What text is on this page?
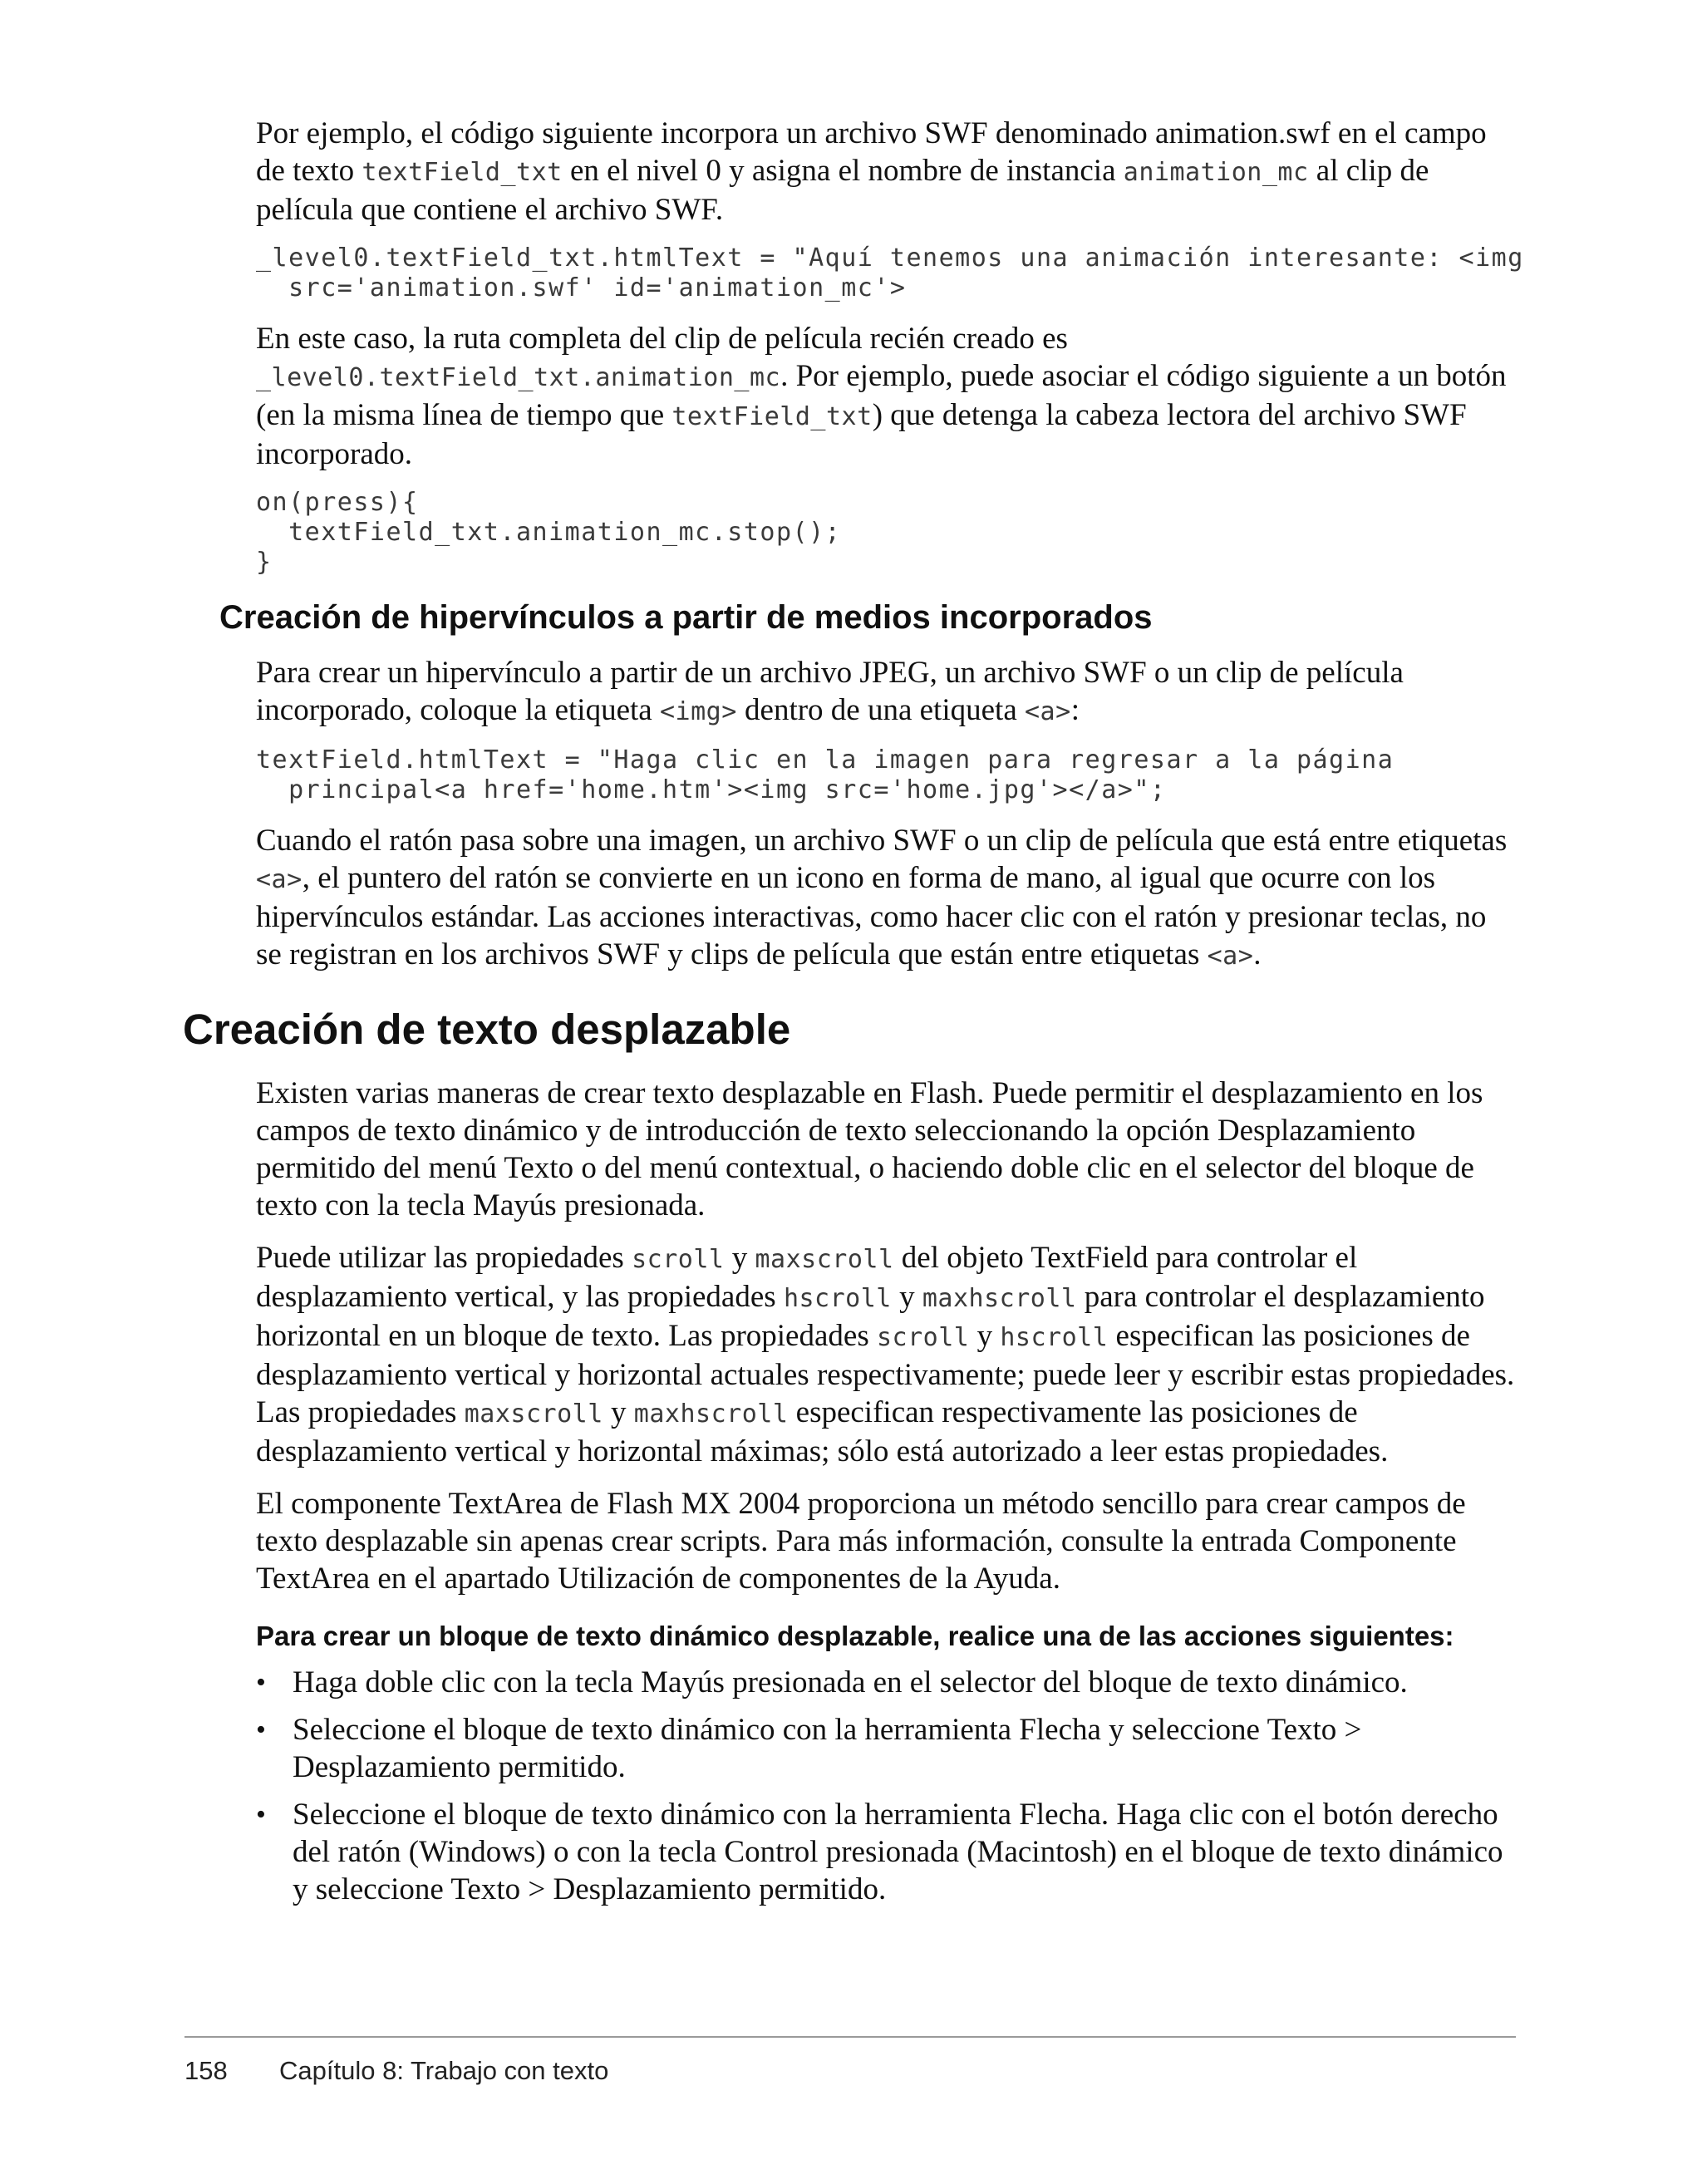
Por ejemplo, el código siguiente incorpora un archivo SWF denominado animation.swf en el campo de texto textField_txt en el nivel 0 y asigna el nombre de instancia animation_mc al clip de película que contiene el archivo SWF.

_level0.textField_txt.htmlText = "Aquí tenemos una animación interesante: <img
src='animation.swf' id='animation_mc'>

En este caso, la ruta completa del clip de película recién creado es _level0.textField_txt.animation_mc. Por ejemplo, puede asociar el código siguiente a un botón (en la misma línea de tiempo que textField_txt) que detenga la cabeza lectora del archivo SWF incorporado.

on(press){
textField_txt.animation_mc.stop();
}
Creación de hipervínculos a partir de medios incorporados

Para crear un hipervínculo a partir de un archivo JPEG, un archivo SWF o un clip de película incorporado, coloque la etiqueta <img> dentro de una etiqueta <a>:

textField.htmlText = "Haga clic en la imagen para regresar a la página
principal<a href='home.htm'><img src='home.jpg'></a>";

Cuando el ratón pasa sobre una imagen, un archivo SWF o un clip de película que está entre etiquetas <a>, el puntero del ratón se convierte en un icono en forma de mano, al igual que ocurre con los hipervínculos estándar. Las acciones interactivas, como hacer clic con el ratón y presionar teclas, no se registran en los archivos SWF y clips de película que están entre etiquetas <a>.

Creación de texto desplazable

Existen varias maneras de crear texto desplazable en Flash. Puede permitir el desplazamiento en los campos de texto dinámico y de introducción de texto seleccionando la opción Desplazamiento permitido del menú Texto o del menú contextual, o haciendo doble clic en el selector del bloque de texto con la tecla Mayús presionada.

Puede utilizar las propiedades scroll y maxscroll del objeto TextField para controlar el desplazamiento vertical, y las propiedades hscroll y maxhscroll para controlar el desplazamiento horizontal en un bloque de texto. Las propiedades scroll y hscroll especifican las posiciones de desplazamiento vertical y horizontal actuales respectivamente; puede leer y escribir estas propiedades. Las propiedades maxscroll y maxhscroll especifican respectivamente las posiciones de desplazamiento vertical y horizontal máximas; sólo está autorizado a leer estas propiedades.

El componente TextArea de Flash MX 2004 proporciona un método sencillo para crear campos de texto desplazable sin apenas crear scripts. Para más información, consulte la entrada Componente TextArea en el apartado Utilización de componentes de la Ayuda.

Para crear un bloque de texto dinámico desplazable, realice una de las acciones siguientes:
• Haga doble clic con la tecla Mayús presionada en el selector del bloque de texto dinámico.
• Seleccione el bloque de texto dinámico con la herramienta Flecha y seleccione Texto > Desplazamiento permitido.
• Seleccione el bloque de texto dinámico con la herramienta Flecha. Haga clic con el botón derecho del ratón (Windows) o con la tecla Control presionada (Macintosh) en el bloque de texto dinámico y seleccione Texto > Desplazamiento permitido.
158 Capítulo 8: Trabajo con texto
